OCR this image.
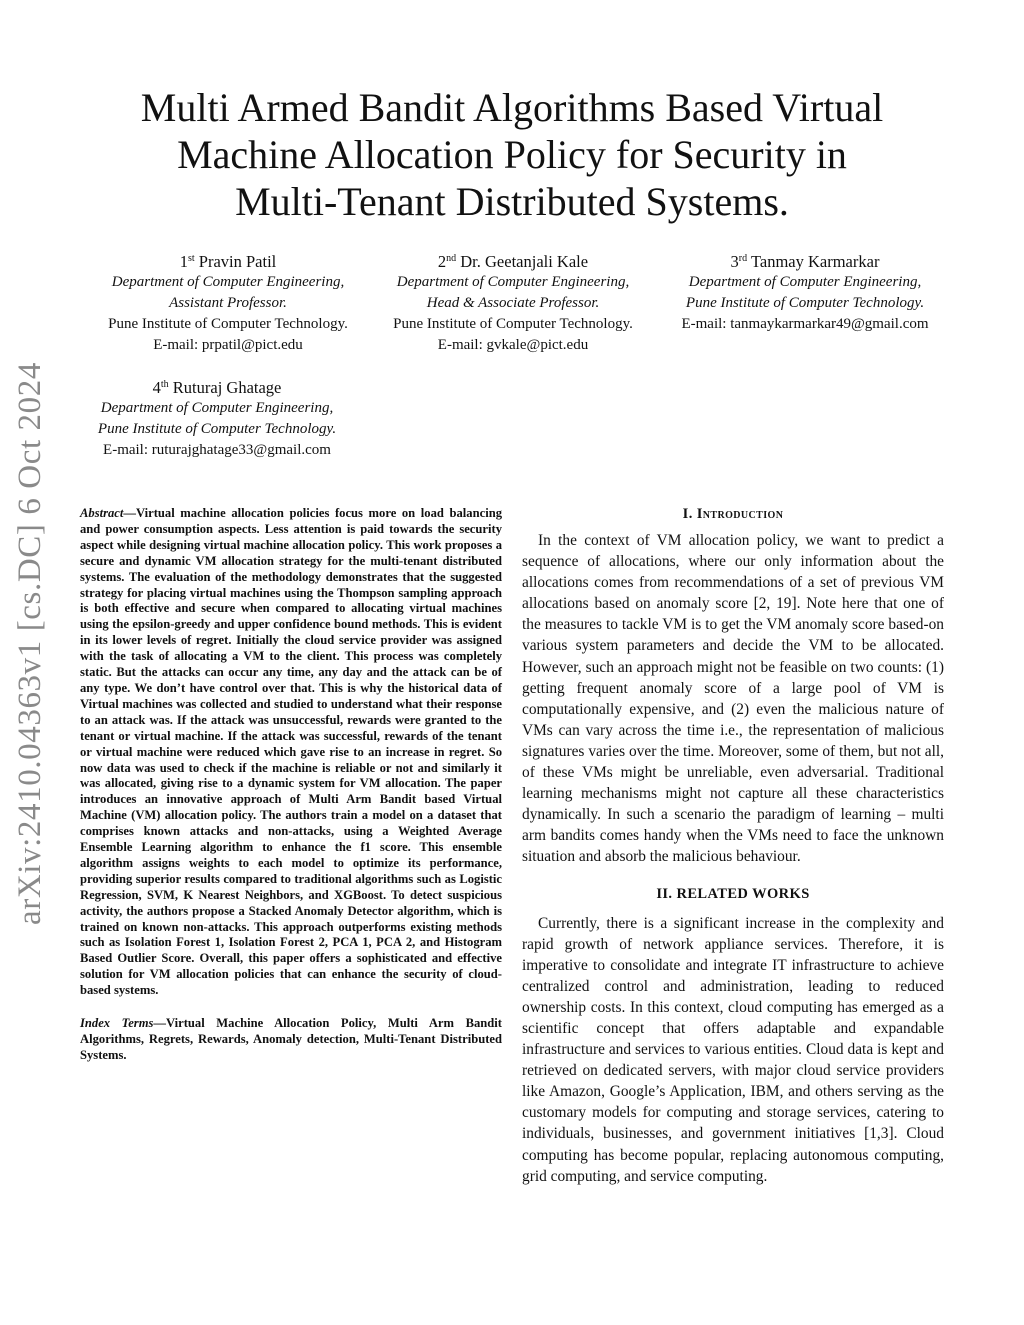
arXiv:2410.04363v1 [cs.DC] 6 Oct 2024
Multi Armed Bandit Algorithms Based Virtual
Machine Allocation Policy for Security in
Multi-Tenant Distributed Systems.
1st Pravin Patil
Department of Computer Engineering,
Assistant Professor.
Pune Institute of Computer Technology.
E-mail: prpatil@pict.edu
2nd Dr. Geetanjali Kale
Department of Computer Engineering,
Head & Associate Professor.
Pune Institute of Computer Technology.
E-mail: gvkale@pict.edu
3rd Tanmay Karmarkar
Department of Computer Engineering,
Pune Institute of Computer Technology.
E-mail: tanmaykarmarkar49@gmail.com
4th Ruturaj Ghatage
Department of Computer Engineering,
Pune Institute of Computer Technology.
E-mail: ruturajghatage33@gmail.com

Abstract—Virtual machine allocation policies focus more on load balancing and power consumption aspects. Less attention is paid towards the security aspect while designing virtual machine allocation policy. This work proposes a secure and dynamic VM allocation strategy for the multi-tenant distributed systems. The evaluation of the methodology demonstrates that the suggested strategy for placing virtual machines using the Thompson sampling approach is both effective and secure when compared to allocating virtual machines using the epsilon-greedy and upper confidence bound methods. This is evident in its lower levels of regret. Initially the cloud service provider was assigned with the task of allocating a VM to the client. This process was completely static. But the attacks can occur any time, any day and the attack can be of any type. We don’t have control over that. This is why the historical data of Virtual machines was collected and studied to understand what their response to an attack was. If the attack was unsuccessful, rewards were granted to the tenant or virtual machine. If the attack was successful, rewards of the tenant or virtual machine were reduced which gave rise to an increase in regret. So now data was used to check if the machine is reliable or not and similarly it was allocated, giving rise to a dynamic system for VM allocation. The paper introduces an innovative approach of Multi Arm Bandit based Virtual Machine (VM) allocation policy. The authors train a model on a dataset that comprises known attacks and non-attacks, using a Weighted Average Ensemble Learning algorithm to enhance the f1 score. This ensemble algorithm assigns weights to each model to optimize its performance, providing superior results compared to traditional algorithms such as Logistic Regression, SVM, K Nearest Neighbors, and XGBoost. To detect suspicious activity, the authors propose a Stacked Anomaly Detector algorithm, which is trained on known non-attacks. This approach outperforms existing methods such as Isolation Forest 1, Isolation Forest 2, PCA 1, PCA 2, and Histogram Based Outlier Score. Overall, this paper offers a sophisticated and effective solution for VM allocation policies that can enhance the security of cloud-based systems.

Index Terms—Virtual Machine Allocation Policy, Multi Arm Bandit Algorithms, Regrets, Rewards, Anomaly detection, Multi-Tenant Distributed Systems.

I. Introduction

In the context of VM allocation policy, we want to predict a sequence of allocations, where our only information about the allocations comes from recommendations of a set of previous VM allocations based on anomaly score [2, 19]. Note here that one of the measures to tackle VM is to get the VM anomaly score based-on various system parameters and decide the VM to be allocated. However, such an approach might not be feasible on two counts: (1) getting frequent anomaly score of a large pool of VM is computationally expensive, and (2) even the malicious nature of VMs can vary across the time i.e., the representation of malicious signatures varies over the time. Moreover, some of them, but not all, of these VMs might be unreliable, even adversarial. Traditional learning mechanisms might not capture all these characteristics dynamically. In such a scenario the paradigm of learning – multi arm bandits comes handy when the VMs need to face the unknown situation and absorb the malicious behaviour.

II. RELATED WORKS

Currently, there is a significant increase in the complexity and rapid growth of network appliance services. Therefore, it is imperative to consolidate and integrate IT infrastructure to achieve centralized control and administration, leading to reduced ownership costs. In this context, cloud computing has emerged as a scientific concept that offers adaptable and expandable infrastructure and services to various entities. Cloud data is kept and retrieved on dedicated servers, with major cloud service providers like Amazon, Google’s Application, IBM, and others serving as the customary models for computing and storage services, catering to individuals, businesses, and government initiatives [1,3]. Cloud computing has become popular, replacing autonomous computing, grid computing, and service computing.
